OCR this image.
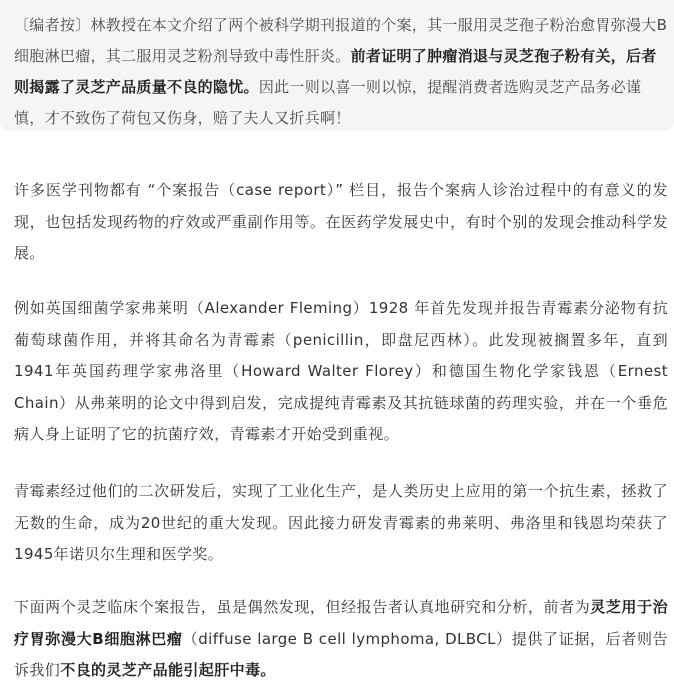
〔编者按〕林教授在本文介绍了两个被科学期刊报道的个案，其一服用灵芝孢子粉治愈胃弥漫大B细胞淋巴瘤，其二服用灵芝粉剂导致中毒性肝炎。前者证明了肿瘤消退与灵芝孢子粉有关，后者则揭露了灵芝产品质量不良的隐忧。因此一则以喜一则以惊，提醒消费者选购灵芝产品务必谨慎，才不致伤了荷包又伤身，赔了夫人又折兵啊！
许多医学刊物都有 “个案报告（case report）” 栏目，报告个案病人诊治过程中的有意义的发现，也包括发现药物的疗效或严重副作用等。在医药学发展史中，有时个别的发现会推动科学发展。
例如英国细菌学家弗莱明（Alexander Fleming）1928 年首先发现并报告青霉素分泌物有抗葡萄球菌作用，并将其命名为青霉素（penicillin，即盘尼西林）。此发现被搁置多年，直到1941年英国药理学家弗洛里（Howard Walter Florey）和德国生物化学家钱恩（Ernest Chain）从弗莱明的论文中得到启发，完成提纯青霉素及其抗链球菌的药理实验，并在一个垂危病人身上证明了它的抗菌疗效，青霉素才开始受到重视。
青霉素经过他们的二次研发后，实现了工业化生产，是人类历史上应用的第一个抗生素，拯救了无数的生命，成为20世纪的重大发现。因此接力研发青霉素的弗莱明、弗洛里和钱恩均荣获了1945年诺贝尔生理和医学奖。
下面两个灵芝临床个案报告，虽是偶然发现，但经报告者认真地研究和分析，前者为灵芝用于治疗胃弥漫大B细胞淋巴瘤（diffuse large B cell lymphoma, DLBCL）提供了证据，后者则告诉我们不良的灵芝产品能引起肝中毒。
